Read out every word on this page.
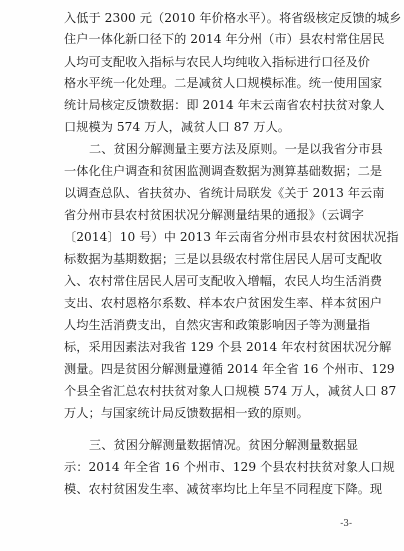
入低于 2300 元（2010 年价格水平）。将省级核定反馈的城乡
住户一体化新口径下的 2014 年分州（市）县农村常住居民
人均可支配收入指标与农民人均纯收入指标进行口径及价
格水平统一化处理。二是减贫人口规模标准。统一使用国家
统计局核定反馈数据：即 2014 年末云南省农村扶贫对象人
口规模为 574 万人，减贫人口 87 万人。
二、贫困分解测量主要方法及原则。一是以我省分市县
一体化住户调查和贫困监测调查数据为测算基础数据；二是
以调查总队、省扶贫办、省统计局联发《关于 2013 年云南
省分州市县农村贫困状况分解测量结果的通报》（云调字
〔2014〕10 号）中 2013 年云南省分州市县农村贫困状况指
标数据为基期数据；三是以县级农村常住居民人居可支配收
入、农村常住居民人居可支配收入增幅，农民人均生活消费
支出、农村恩格尔系数、样本农户贫困发生率、样本贫困户
人均生活消费支出，自然灾害和政策影响因子等为测量指
标，采用因素法对我省 129 个县 2014 年农村贫困状况分解
测量。四是贫困分解测量遵循 2014 年全省 16 个州市、129
个县全省汇总农村扶贫对象人口规模 574 万人，减贫人口 87
万人；与国家统计局反馈数据相一致的原则。
三、贫困分解测量数据情况。贫困分解测量数据显
示：2014 年全省 16 个州市、129 个县农村扶贫对象人口规
模、农村贫困发生率、减贫率均比上年呈不同程度下降。现
-3-
